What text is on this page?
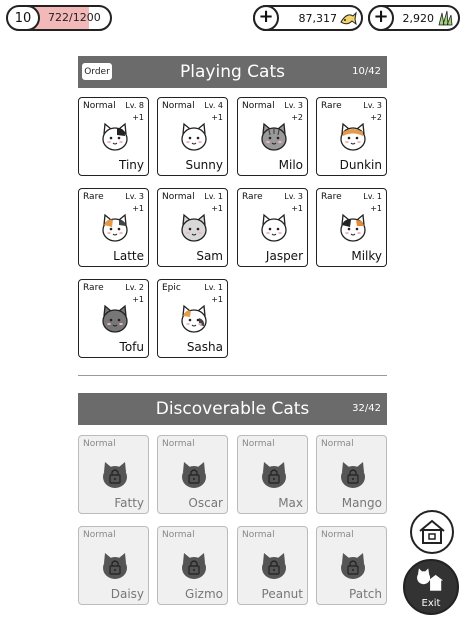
10	722/1200	+	87,317	+	2,920
Order	Playing Cats	10/42
Normal Lv. 8
+1
Tiny
Normal Lv. 4
+1
Sunny
Normal Lv. 3
+2
Milo
Rare	Lv. 3
+2
Dunkin
Rare	Lv. 3
+1
Latte
Normal Lv. 1
+1
Sam
Rare	Lv. 3
+1
Jasper
Rare	Lv. 1
+1
Milky
Rare	Lv. 2
+1
Tofu
Epic	Lv. 1
+1
Sasha
Discoverable Cats	32/42
Normal
Fatty
Normal
Oscar
Normal
Max
Normal
Mango
Normal
Daisy
Normal
Gizmo
Normal
Peanut
Normal
Patch
Exit
